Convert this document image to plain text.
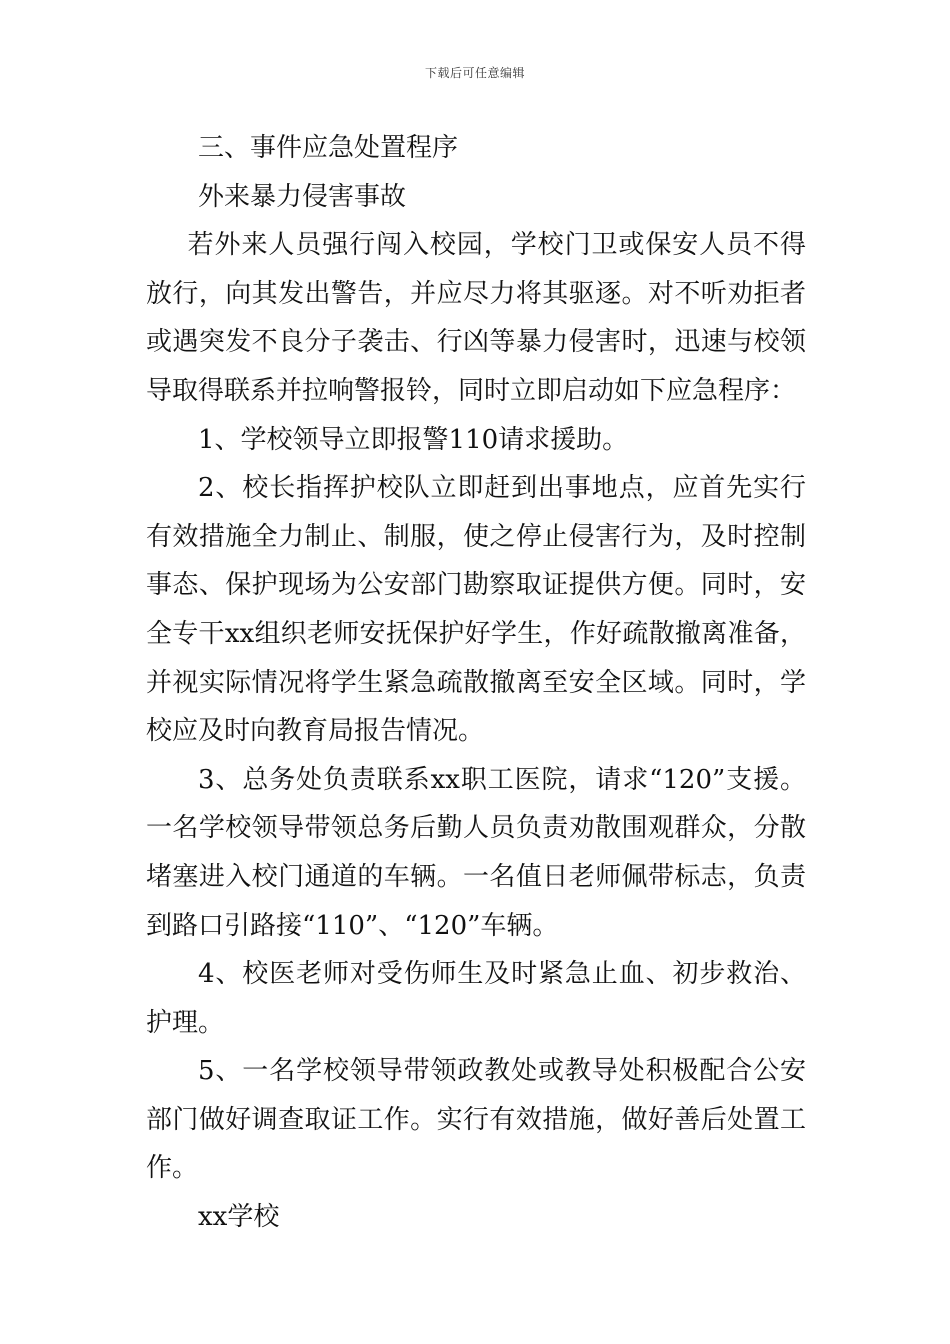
下载后可任意编辑

三、事件应急处置程序

外来暴力侵害事故

若外来人员强行闯入校园，学校门卫或保安人员不得放行，向其发出警告，并应尽力将其驱逐。对不听劝拒者或遇突发不良分子袭击、行凶等暴力侵害时，迅速与校领导取得联系并拉响警报铃，同时立即启动如下应急程序：

1、学校领导立即报警110请求援助。

2、校长指挥护校队立即赶到出事地点，应首先实行有效措施全力制止、制服，使之停止侵害行为，及时控制事态、保护现场为公安部门勘察取证提供方便。同时，安全专干xx组织老师安抚保护好学生，作好疏散撤离准备，并视实际情况将学生紧急疏散撤离至安全区域。同时，学校应及时向教育局报告情况。

3、总务处负责联系xx职工医院，请求“120”支援。一名学校领导带领总务后勤人员负责劝散围观群众，分散堵塞进入校门通道的车辆。一名值日老师佩带标志，负责到路口引路接“110”、“120”车辆。

4、校医老师对受伤师生及时紧急止血、初步救治、护理。

5、一名学校领导带领政教处或教导处积极配合公安部门做好调查取证工作。实行有效措施，做好善后处置工作。

xx学校
